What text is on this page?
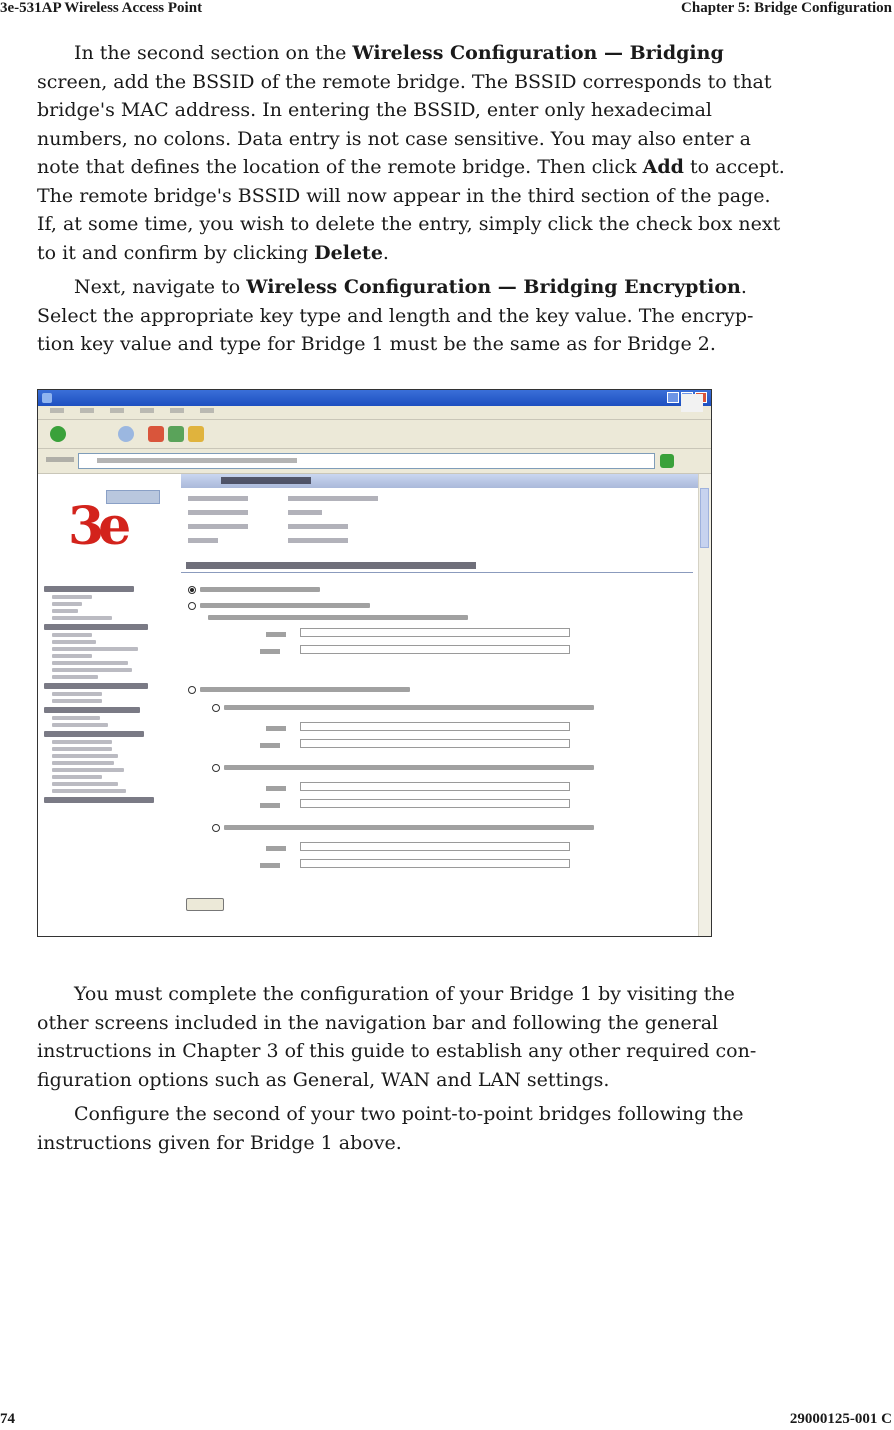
3e-531AP Wireless Access Point	Chapter 5: Bridge Configuration

In the second section on the Wireless Configuration — Bridging screen, add the BSSID of the remote bridge. The BSSID corresponds to that bridge's MAC address. In entering the BSSID, enter only hexadecimal numbers, no colons. Data entry is not case sensitive. You may also enter a note that defines the location of the remote bridge. Then click Add to accept. The remote bridge's BSSID will now appear in the third section of the page. If, at some time, you wish to delete the entry, simply click the check box next to it and confirm by clicking Delete.

Next, navigate to Wireless Configuration — Bridging Encryption. Select the appropriate key type and length and the key value. The encryp-tion key value and type for Bridge 1 must be the same as for Bridge 2.

3e

You must complete the configuration of your Bridge 1 by visiting the other screens included in the navigation bar and following the general instructions in Chapter 3 of this guide to establish any other required con-figuration options such as General, WAN and LAN settings.

Configure the second of your two point-to-point bridges following the instructions given for Bridge 1 above.

74	29000125-001 C
